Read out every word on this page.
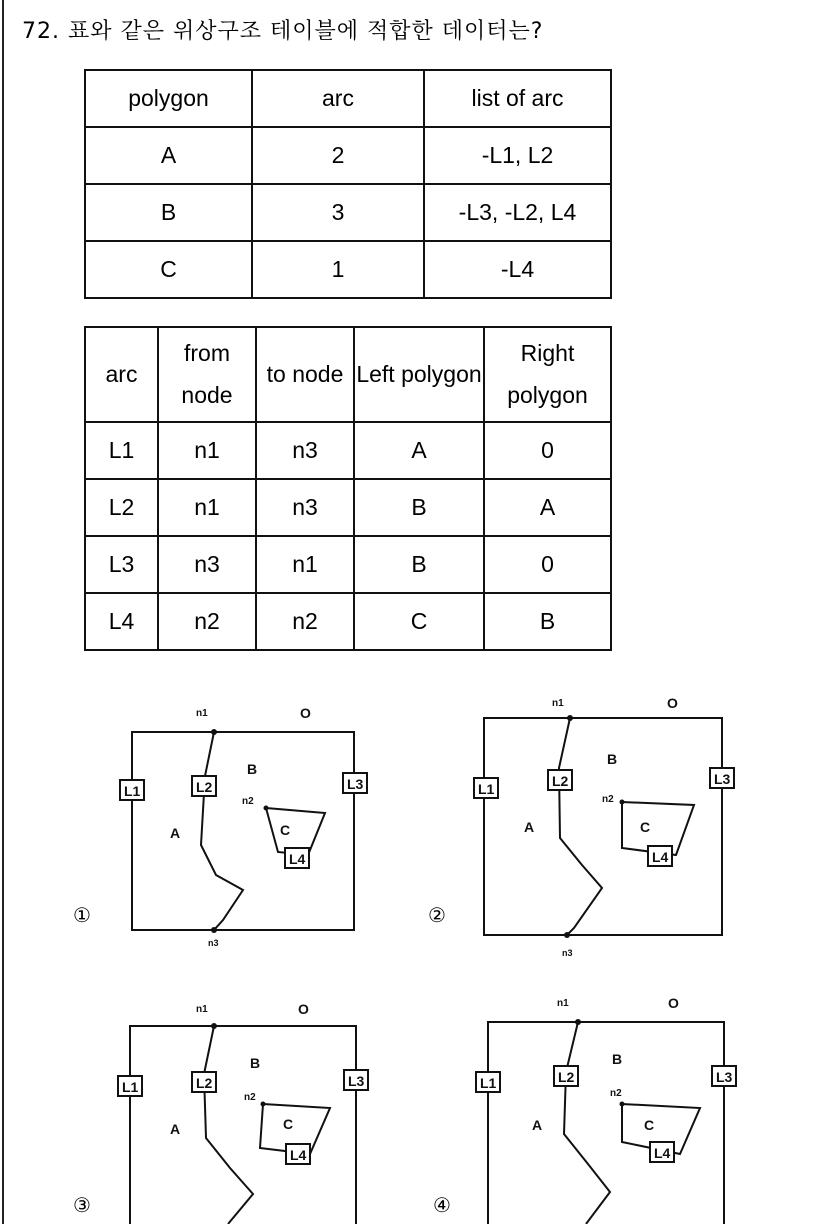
72. 표와 같은 위상구조 테이블에 적합한 데이터는?
polygon	arc	list of arc
A	2	-L1, L2
B	3	-L3, -L2, L4
C	1	-L4
arc	from node	to node	Left polygon	Right polygon
L1	n1	n3	A	0
L2	n1	n3	B	A
L3	n3	n1	B	0
L4	n2	n2	C	B
①	②
③	④
n1	O
n3
B
A	C
n2
L1	L2	L3
L4
n1	O
n3
B
A	C
n2
L1	L2	L3
L4
n1	O
B
A	C
n2
L1	L2	L3
L4
n1	O
B
A	C
n2
L1	L2	L3
L4
